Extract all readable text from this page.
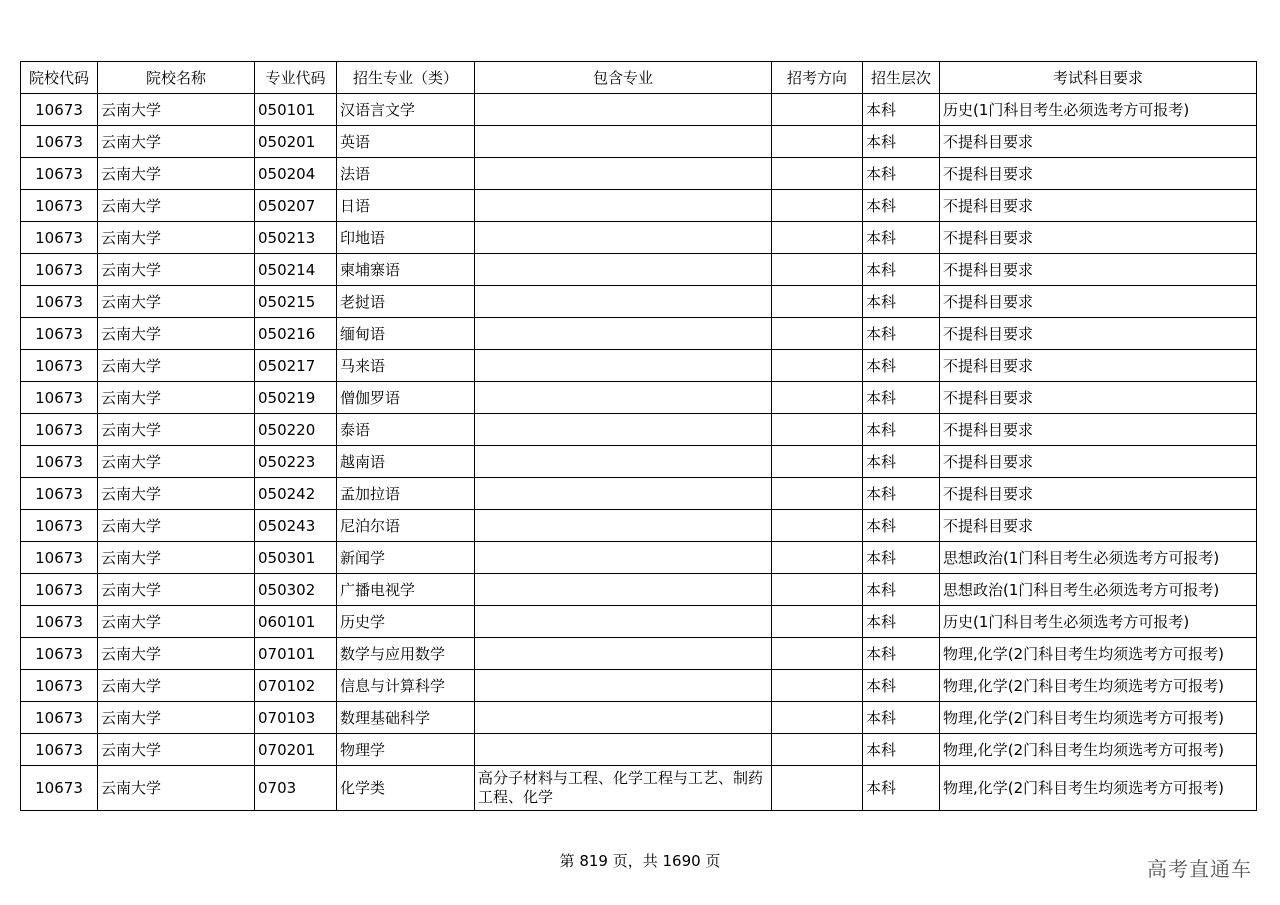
院校代码	院校名称	专业代码	招生专业（类）	包含专业	招考方向	招生层次	考试科目要求
10673	云南大学	050101	汉语言文学			本科	历史(1门科目考生必须选考方可报考)
10673	云南大学	050201	英语			本科	不提科目要求
10673	云南大学	050204	法语			本科	不提科目要求
10673	云南大学	050207	日语			本科	不提科目要求
10673	云南大学	050213	印地语			本科	不提科目要求
10673	云南大学	050214	柬埔寨语			本科	不提科目要求
10673	云南大学	050215	老挝语			本科	不提科目要求
10673	云南大学	050216	缅甸语			本科	不提科目要求
10673	云南大学	050217	马来语			本科	不提科目要求
10673	云南大学	050219	僧伽罗语			本科	不提科目要求
10673	云南大学	050220	泰语			本科	不提科目要求
10673	云南大学	050223	越南语			本科	不提科目要求
10673	云南大学	050242	孟加拉语			本科	不提科目要求
10673	云南大学	050243	尼泊尔语			本科	不提科目要求
10673	云南大学	050301	新闻学			本科	思想政治(1门科目考生必须选考方可报考)
10673	云南大学	050302	广播电视学			本科	思想政治(1门科目考生必须选考方可报考)
10673	云南大学	060101	历史学			本科	历史(1门科目考生必须选考方可报考)
10673	云南大学	070101	数学与应用数学			本科	物理,化学(2门科目考生均须选考方可报考)
10673	云南大学	070102	信息与计算科学			本科	物理,化学(2门科目考生均须选考方可报考)
10673	云南大学	070103	数理基础科学			本科	物理,化学(2门科目考生均须选考方可报考)
10673	云南大学	070201	物理学			本科	物理,化学(2门科目考生均须选考方可报考)
10673	云南大学	0703	化学类	高分子材料与工程、化学工程与工艺、制药工程、化学		本科	物理,化学(2门科目考生均须选考方可报考)
第 819 页，共 1690 页	高考直通车
